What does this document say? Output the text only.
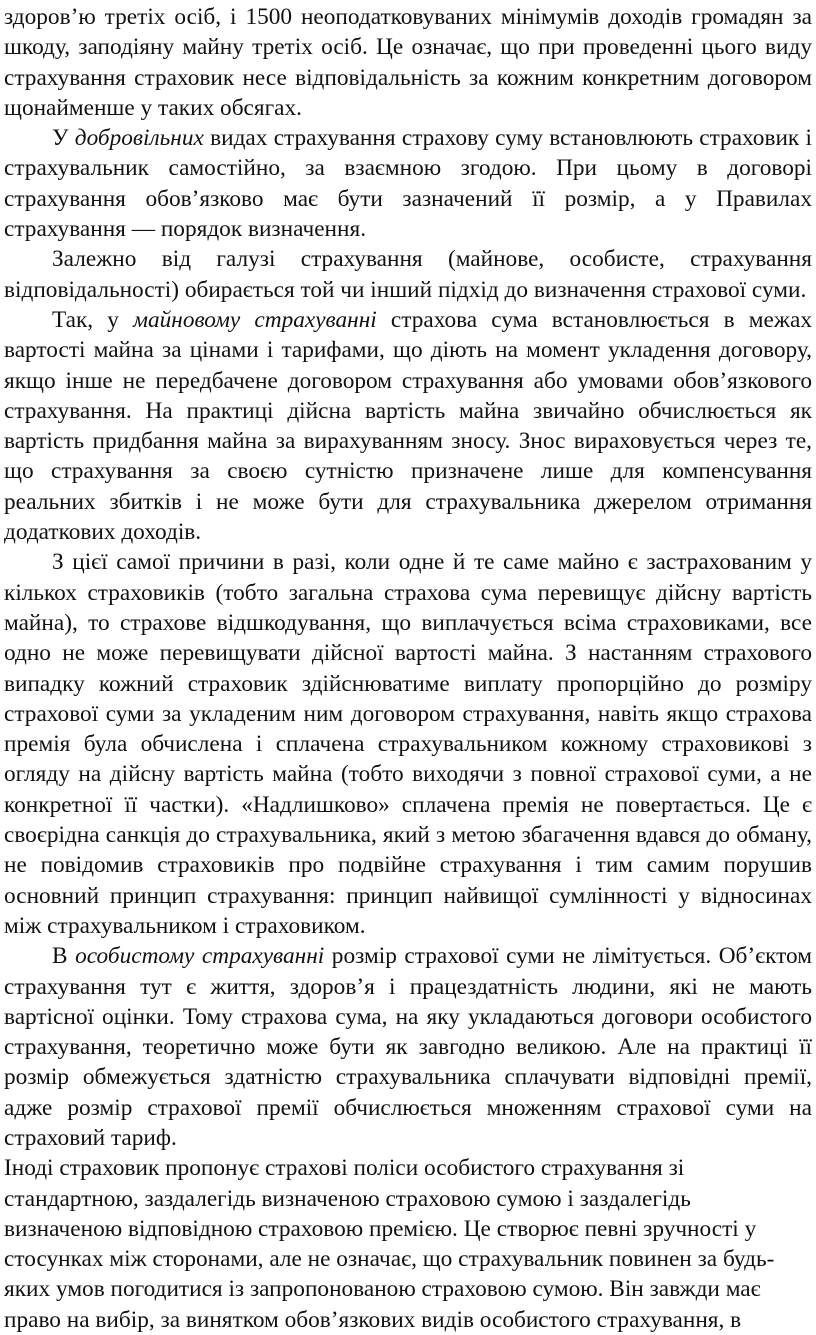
здоров’ю третіх осіб, і 1500 неоподатковуваних мінімумів доходів громадян за шкоду, заподіяну майну третіх осіб. Це означає, що при проведенні цього виду страхування страховик несе відповідальність за кожним конкретним договором щонайменше у таких обсягах.

У добровільних видах страхування страхову суму встановлюють страховик і страхувальник самостійно, за взаємною згодою. При цьому в договорі страхування обов’язково має бути зазначений її розмір, а у Правилах страхування — порядок визначення.

Залежно від галузі страхування (майнове, особисте, страхування відповідальності) обирається той чи інший підхід до визначення страхової суми.

Так, у майновому страхуванні страхова сума встановлюється в межах вартості майна за цінами і тарифами, що діють на момент укладення договору, якщо інше не передбачене договором страхування або умовами обов’язкового страхування. На практиці дійсна вартість майна звичайно обчислюється як вартість придбання майна за вирахуванням зносу. Знос вираховується через те, що страхування за своєю сутністю призначене лише для компенсування реальних збитків і не може бути для страхувальника джерелом отримання додаткових доходів.

З цієї самої причини в разі, коли одне й те саме майно є застрахованим у кількох страховиків (тобто загальна страхова сума перевищує дійсну вартість майна), то страхове відшкодування, що виплачується всіма страховиками, все одно не може перевищувати дійсної вартості майна. З настанням страхового випадку кожний страховик здійснюватиме виплату пропорційно до розміру страхової суми за укладеним ним договором страхування, навіть якщо страхова премія була обчислена і сплачена страхувальником кожному страховикові з огляду на дійсну вартість майна (тобто виходячи з повної страхової суми, а не конкретної її частки). «Надлишково» сплачена премія не повертається. Це є своєрідна санкція до страхувальника, який з метою збагачення вдався до обману, не повідомив страховиків про подвійне страхування і тим самим порушив основний принцип страхування: принцип найвищої сумлінності у відносинах між страхувальником і страховиком.

В особистому страхуванні розмір страхової суми не лімітується. Об’єктом страхування тут є життя, здоров’я і працездатність людини, які не мають вартісної оцінки. Тому страхова сума, на яку укладаються договори особистого страхування, теоретично може бути як завгодно великою. Але на практиці її розмір обмежується здатністю страхувальника сплачувати відповідні премії, адже розмір страхової премії обчислюється множенням страхової суми на страховий тариф.

Іноді страховик пропонує страхові поліси особистого страхування зі стандартною, заздалегідь визначеною страховою сумою і заздалегідь визначеною відповідною страховою премією. Це створює певні зручності у стосунках між сторонами, але не означає, що страхувальник повинен за будь-яких умов погодитися із запропонованою страховою сумою. Він завжди має право на вибір, за винятком обов’язкових видів особистого страхування, в
